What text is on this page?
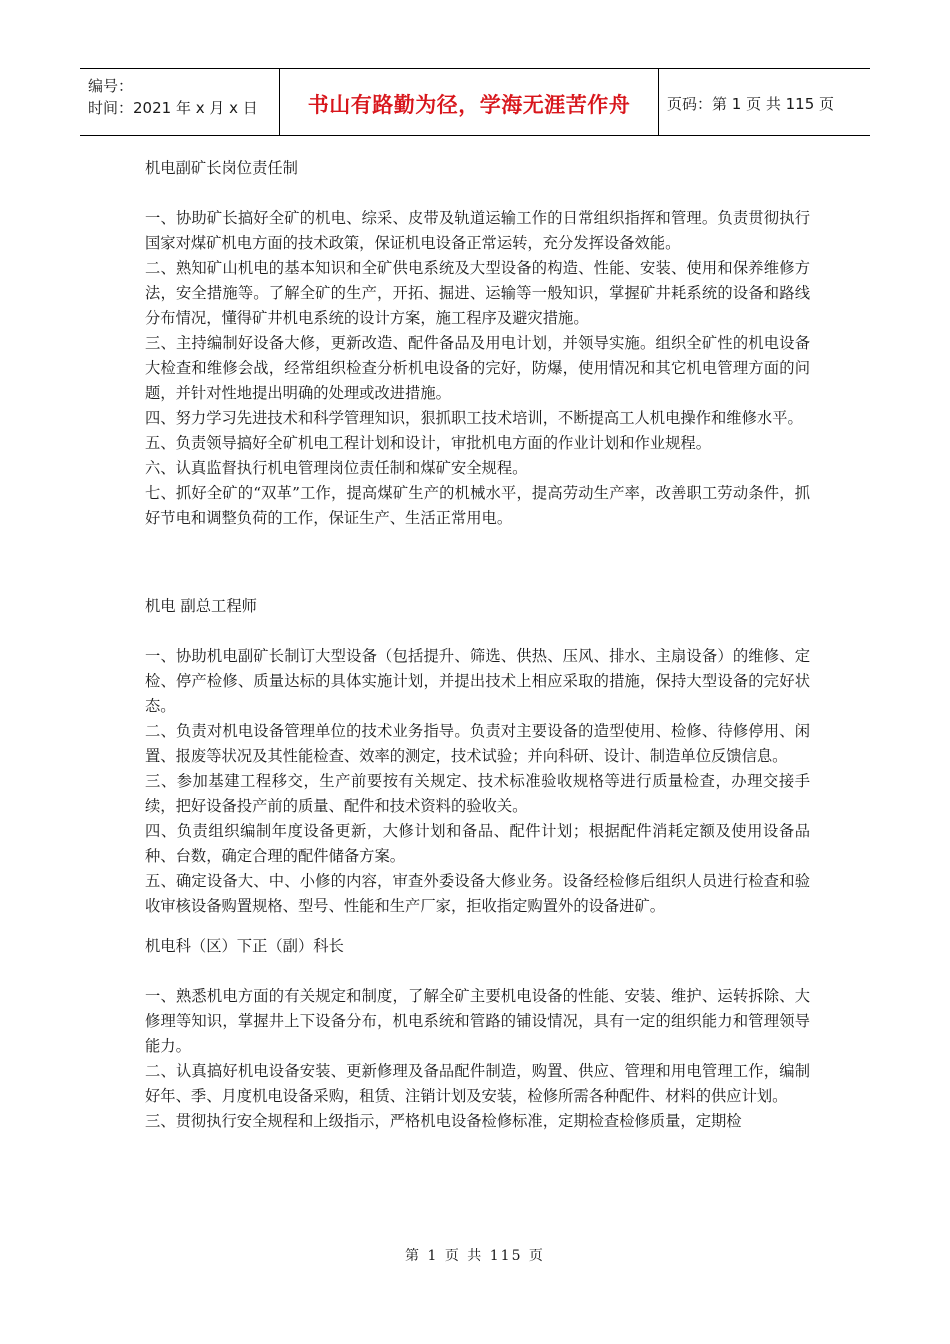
编号：
时间：2021 年 x 月 x 日	书山有路勤为径，学海无涯苦作舟 页码：第 1 页 共 115 页

机电副矿长岗位责任制

一、协助矿长搞好全矿的机电、综采、皮带及轨道运输工作的日常组织指挥和管理。负责贯彻执行国家对煤矿机电方面的技术政策，保证机电设备正常运转，充分发挥设备效能。

二、熟知矿山机电的基本知识和全矿供电系统及大型设备的构造、性能、安装、使用和保养维修方法，安全措施等。了解全矿的生产，开拓、掘进、运输等一般知识，掌握矿井耗系统的设备和路线分布情况，懂得矿井机电系统的设计方案，施工程序及避灾措施。

三、主持编制好设备大修，更新改造、配件备品及用电计划，并领导实施。组织全矿性的机电设备大检查和维修会战，经常组织检查分析机电设备的完好，防爆，使用情况和其它机电管理方面的问题，并针对性地提出明确的处理或改进措施。

四、努力学习先进技术和科学管理知识，狠抓职工技术培训，不断提高工人机电操作和维修水平。

五、负责领导搞好全矿机电工程计划和设计，审批机电方面的作业计划和作业规程。

六、认真监督执行机电管理岗位责任制和煤矿安全规程。

七、抓好全矿的“双革”工作，提高煤矿生产的机械水平，提高劳动生产率，改善职工劳动条件，抓好节电和调整负荷的工作，保证生产、生活正常用电。

机电 副总工程师

一、协助机电副矿长制订大型设备（包括提升、筛选、供热、压风、排水、主扇设备）的维修、定检、停产检修、质量达标的具体实施计划，并提出技术上相应采取的措施，保持大型设备的完好状态。

二、负责对机电设备管理单位的技术业务指导。负责对主要设备的造型使用、检修、待修停用、闲置、报废等状况及其性能检查、效率的测定，技术试验；并向科研、设计、制造单位反馈信息。

三、参加基建工程移交，生产前要按有关规定、技术标准验收规格等进行质量检查，办理交接手续，把好设备投产前的质量、配件和技术资料的验收关。

四、负责组织编制年度设备更新，大修计划和备品、配件计划；根据配件消耗定额及使用设备品种、台数，确定合理的配件储备方案。

五、确定设备大、中、小修的内容，审查外委设备大修业务。设备经检修后组织人员进行检查和验收审核设备购置规格、型号、性能和生产厂家，拒收指定购置外的设备进矿。

机电科（区）下正（副）科长

一、熟悉机电方面的有关规定和制度，了解全矿主要机电设备的性能、安装、维护、运转拆除、大修理等知识，掌握井上下设备分布，机电系统和管路的铺设情况，具有一定的组织能力和管理领导能力。

二、认真搞好机电设备安装、更新修理及备品配件制造，购置、供应、管理和用电管理工作，编制好年、季、月度机电设备采购，租赁、注销计划及安装，检修所需各种配件、材料的供应计划。

三、贯彻执行安全规程和上级指示，严格机电设备检修标准，定期检查检修质量，定期检

第 1 页 共 115 页
